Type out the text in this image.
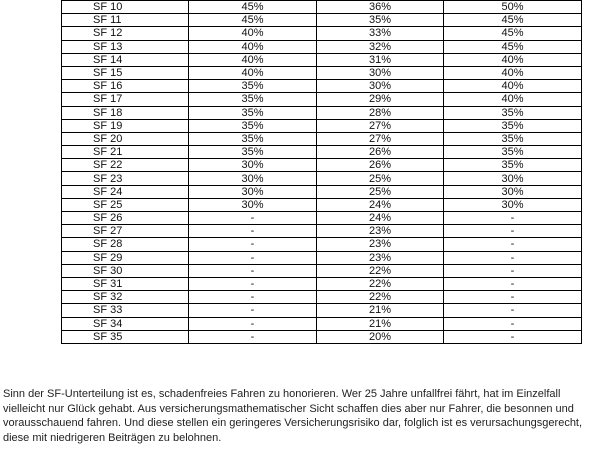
SF 10	45%	36%	50%
SF 11	45%	35%	45%
SF 12	40%	33%	45%
SF 13	40%	32%	45%
SF 14	40%	31%	40%
SF 15	40%	30%	40%
SF 16	35%	30%	40%
SF 17	35%	29%	40%
SF 18	35%	28%	35%
SF 19	35%	27%	35%
SF 20	35%	27%	35%
SF 21	35%	26%	35%
SF 22	30%	26%	35%
SF 23	30%	25%	30%
SF 24	30%	25%	30%
SF 25	30%	24%	30%
SF 26	-	24%	-
SF 27	-	23%	-
SF 28	-	23%	-
SF 29	-	23%	-
SF 30	-	22%	-
SF 31	-	22%	-
SF 32	-	22%	-
SF 33	-	21%	-
SF 34	-	21%	-
SF 35	-	20%	-
Sinn der SF-Unterteilung ist es, schadenfreies Fahren zu honorieren. Wer 25 Jahre unfallfrei fährt, hat im Einzelfall
vielleicht nur Glück gehabt. Aus versicherungsmathematischer Sicht schaffen dies aber nur Fahrer, die besonnen und
vorausschauend fahren. Und diese stellen ein geringeres Versicherungsrisiko dar, folglich ist es verursachungsgerecht,
diese mit niedrigeren Beiträgen zu belohnen.
